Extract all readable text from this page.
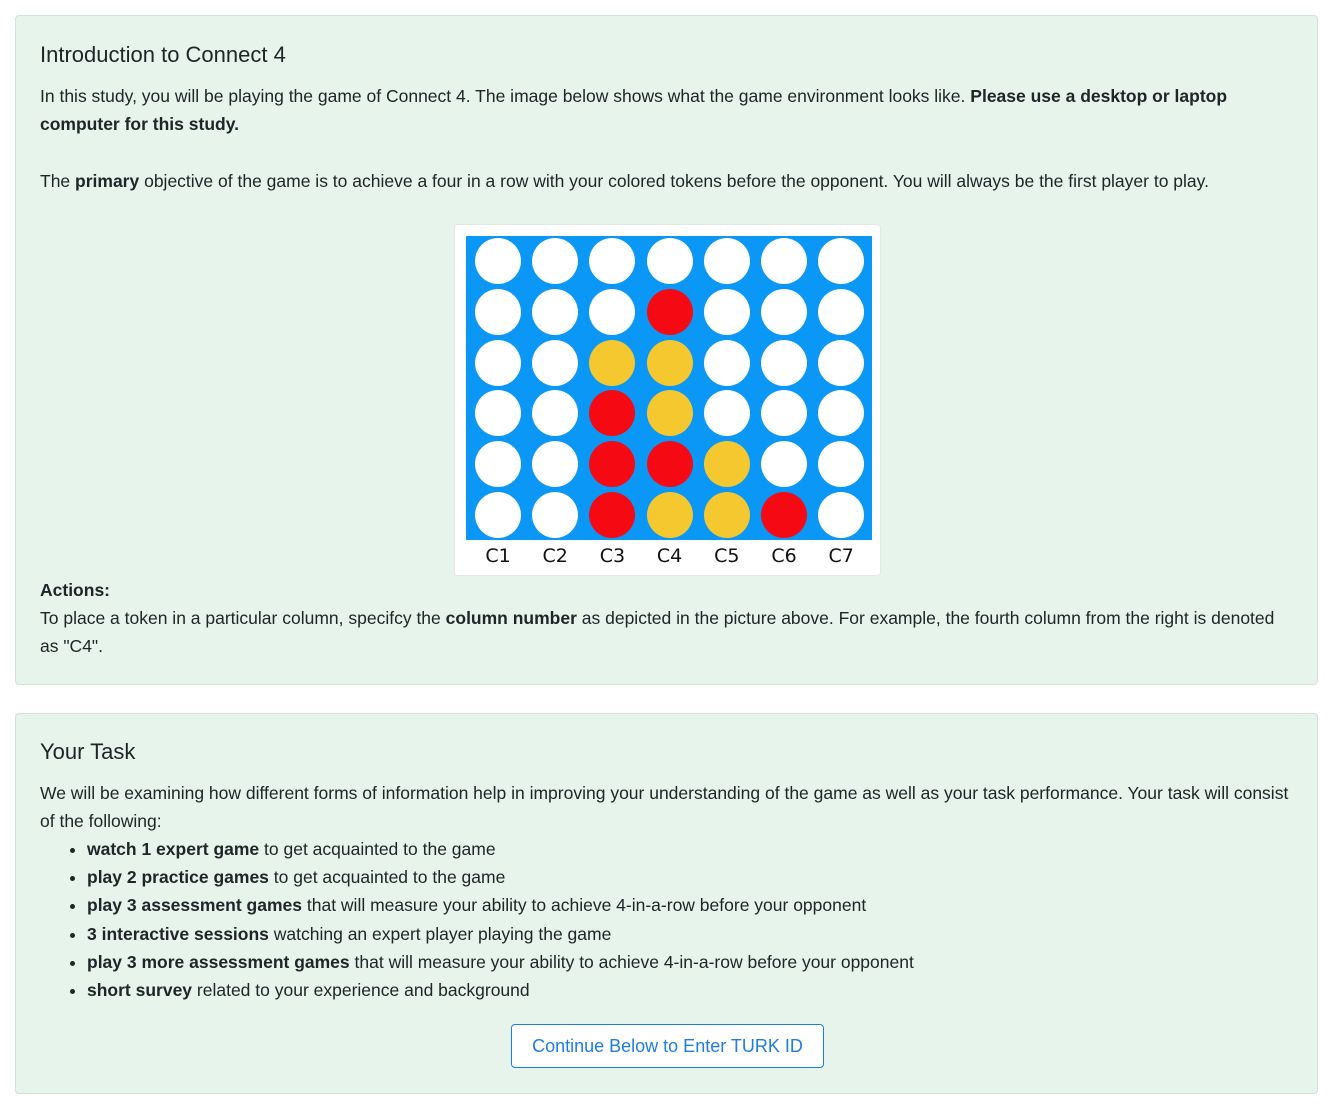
Introduction to Connect 4

In this study, you will be playing the game of Connect 4. The image below shows what the game environment looks like. Please use a desktop or laptop computer for this study.

The primary objective of the game is to achieve a four in a row with your colored tokens before the opponent. You will always be the first player to play.

C1	C2	C3	C4	C5	C6	C7
Actions:
To place a token in a particular column, specifcy the column number as depicted in the picture above. For example, the fourth column from the right is denoted as "C4".
Your Task

We will be examining how different forms of information help in improving your understanding of the game as well as your task performance. Your task will consist of the following:

• watch 1 expert game to get acquainted to the game
• play 2 practice games to get acquainted to the game
• play 3 assessment games that will measure your ability to achieve 4-in-a-row before your opponent
• 3 interactive sessions watching an expert player playing the game
• play 3 more assessment games that will measure your ability to achieve 4-in-a-row before your opponent
• short survey related to your experience and background
Continue Below to Enter TURK ID
